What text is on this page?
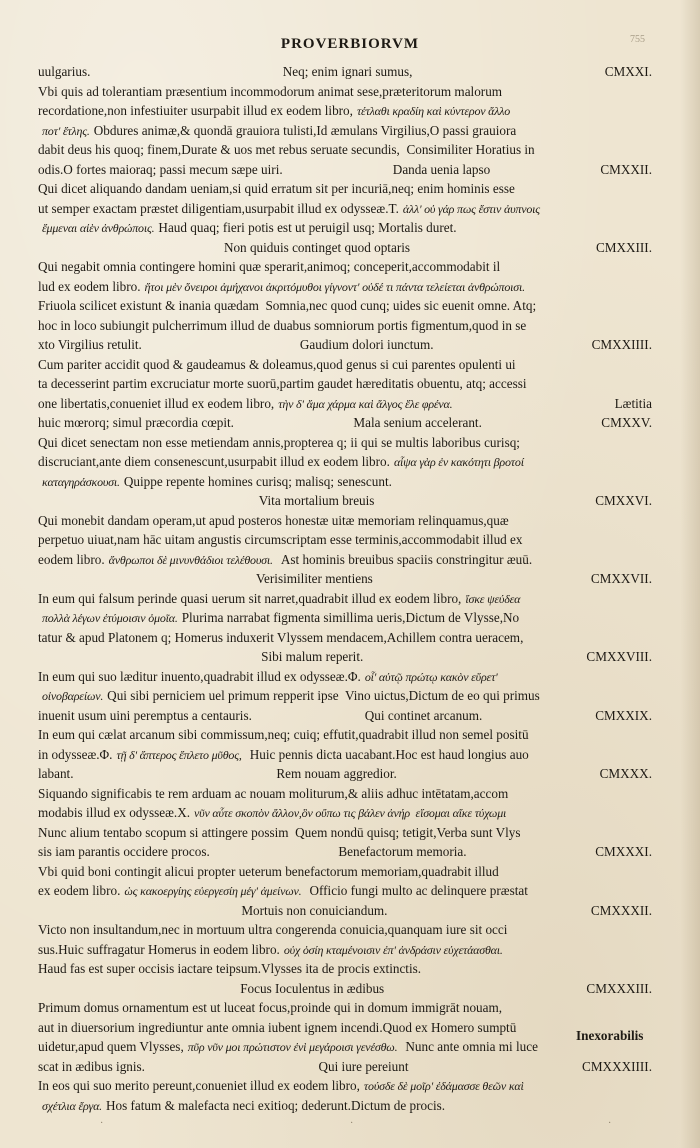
PROVERBIORVM	755
uulgarius.	Neq; enim ignari sumus,	CMXXI.
Vbi quis ad tolerantiam præsentium incommodorum animat sese,præteritorum malorum
recordatione,non infestiuiter usurpabit illud ex eodem libro, τέτλαθι κραδίη καὶ κύντερον ἄλλο
ποτ' ἔτλης. Obdures animæ,& quondā grauiora tulisti,Id æmulans Virgilius,O passi grauiora
dabit deus his quoq; finem,Durate & uos met rebus seruate secundis,  Consimiliter Horatius in
odis.O fortes maioraq; passi mecum sæpe uiri.	Danda uenia lapso	CMXXII.
Qui dicet aliquando dandam ueniam,si quid erratum sit per incuriā,neq; enim hominis esse
ut semper exactam præstet diligentiam,usurpabit illud ex odysseæ.T. ἀλλ' οὐ γάρ πως ἔστιν ἀυπνοις
ἔμμεναι αἰὲν ἀνθρώποις. Haud quaq; fieri potis est ut peruigil usq; Mortalis duret.
Non quiduis continget quod optaris	CMXXIII.
Qui negabit omnia contingere homini quæ sperarit,animoq; conceperit,accommodabit il
lud ex eodem libro. ἤτοι μὲν ὄνειροι ἀμήχανοι ἀκριτόμυθοι γίγνοντ' οὐδέ τι πάντα τελείεται ἀνθρώποισι.
Friuola scilicet existunt & inania quædam  Somnia,nec quod cunq; uides sic euenit omne. Atq;
hoc in loco subiungit pulcherrimum illud de duabus somniorum portis figmentum,quod in se
xto Virgilius retulit.	Gaudium dolori iunctum.	CMXXIIII.
Cum pariter accidit quod & gaudeamus & doleamus,quod genus si cui parentes opulenti ui
ta decesserint partim excruciatur morte suorū,partim gaudet hæreditatis obuentu, atq; accessi
one libertatis,conueniet illud ex eodem libro, τὴν δ' ἅμα χάρμα καὶ ἄλγος ἕλε φρένα.	Lætitia
huic mœrorq; simul præcordia cœpit.	Mala senium accelerant.	CMXXV.
Qui dicet senectam non esse metiendam annis,propterea q; ii qui se multis laboribus curisq;
discruciant,ante diem consenescunt,usurpabit illud ex eodem libro. αἶψα γὰρ ἐν κακότητι βροτοί
καταγηράσκουσι. Quippe repente homines curisq; malisq; senescunt.
Vita mortalium breuis	CMXXVI.
Qui monebit dandam operam,ut apud posteros honestæ uitæ memoriam relinquamus,quæ
perpetuo uiuat,nam hāc uitam angustis circumscriptam esse terminis,accommodabit illud ex
eodem libro. ἄνθρωποι δὲ μινυνθάδιοι τελέθουσι. Ast hominis breuibus spaciis constringitur æuū.
Verisimiliter mentiens	CMXXVII.
In eum qui falsum perinde quasi uerum sit narret,quadrabit illud ex eodem libro, ἴσκε ψεύδεα
πολλὰ λέγων ἐτύμοισιν ὁμοῖα. Plurima narrabat figmenta simillima ueris,Dictum de Vlysse,No
tatur & apud Platonem q; Homerus induxerit Vlyssem mendacem,Achillem contra ueracem,
Sibi malum reperit.	CMXXVIII.
In eum qui suo læditur inuento,quadrabit illud ex odysseæ.Φ. οἷ' αὐτῷ πρώτῳ κακὸν εὕρετ'
οἰνοβαρείων. Qui sibi perniciem uel primum repperit ipse  Vino uictus,Dictum de eo qui primus
inuenit usum uini peremptus a centauris.	Qui continet arcanum.	CMXXIX.
In eum qui cælat arcanum sibi commissum,neq; cuiq; effutit,quadrabit illud non semel positū
in odysseæ.Φ. τῇ δ' ἄπτερος ἔπλετο μῦθος, Huic pennis dicta uacabant.Hoc est haud longius auo
labant.	Rem nouam aggredior.	CMXXX.
Siquando significabis te rem arduam ac nouam moliturum,& aliis adhuc intētatam,accom
modabis illud ex odysseæ.X. νῦν αὖτε σκοπὸν ἄλλον,ὃν οὔπω τις βάλεν ἀνήρ  εἴσομαι αἴκε τύχωμι
Nunc alium tentabo scopum si attingere possim  Quem nondū quisq; tetigit,Verba sunt Vlys
sis iam parantis occidere procos.	Benefactorum memoria.	CMXXXI.
Vbi quid boni contingit alicui propter ueterum benefactorum memoriam,quadrabit illud
ex eodem libro. ὡς κακοεργίης εὐεργεσίη μέγ' ἀμείνων. Officio fungi multo ac delinquere præstat
Mortuis non conuiciandum.	CMXXXII.
Victo non insultandum,nec in mortuum ultra congerenda conuicia,quanquam iure sit occi
sus.Huic suffragatur Homerus in eodem libro. οὐχ ὁσίη κταμένοισιν ἐπ' ἀνδράσιν εὐχετάασθαι.
Haud fas est super occisis iactare teipsum.Vlysses ita de procis extinctis.
Focus Ioculentus in ædibus	CMXXXIII.
Primum domus ornamentum est ut luceat focus,proinde qui in domum immigrāt nouam,
aut in diuersorium ingrediuntur ante omnia iubent ignem incendi.Quod ex Homero sumptū
uidetur,apud quem Vlysses, πῦρ νῦν μοι πρώτιστον ἐνὶ μεγάροισι γενέσθω. Nunc ante omnia mi luce
scat in ædibus ignis.	Qui iure pereiunt	CMXXXIIII.
In eos qui suo merito pereunt,conueniet illud ex eodem libro, τούσδε δὲ μοῖρ' ἐδάμασσε θεῶν καὶ
σχέτλια ἔργα. Hos fatum & malefacta neci exitioq; dederunt.Dictum de procis.
Inexorabilis
·	·	·
